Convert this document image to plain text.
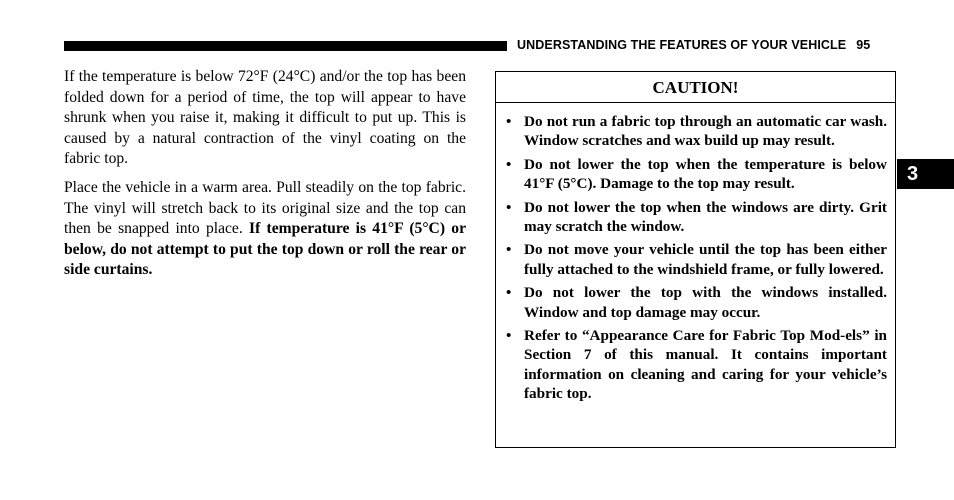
UNDERSTANDING THE FEATURES OF YOUR VEHICLE 95

If the temperature is below 72°F (24°C) and/or the top has been folded down for a period of time, the top will appear to have shrunk when you raise it, making it difficult to put up. This is caused by a natural contraction of the vinyl coating on the fabric top.

Place the vehicle in a warm area. Pull steadily on the top fabric. The vinyl will stretch back to its original size and the top can then be snapped into place. If temperature is 41°F (5°C) or below, do not attempt to put the top down or roll the rear or side curtains.

CAUTION!
• Do not run a fabric top through an automatic car wash. Window scratches and wax build up may result.
• Do not lower the top when the temperature is below 41°F (5°C). Damage to the top may result.
• Do not lower the top when the windows are dirty. Grit may scratch the window.
• Do not move your vehicle until the top has been either fully attached to the windshield frame, or fully lowered.
• Do not lower the top with the windows installed. Window and top damage may occur.
• Refer to “Appearance Care for Fabric Top Mod-els” in Section 7 of this manual. It contains important information on cleaning and caring for your vehicle’s fabric top.
3
